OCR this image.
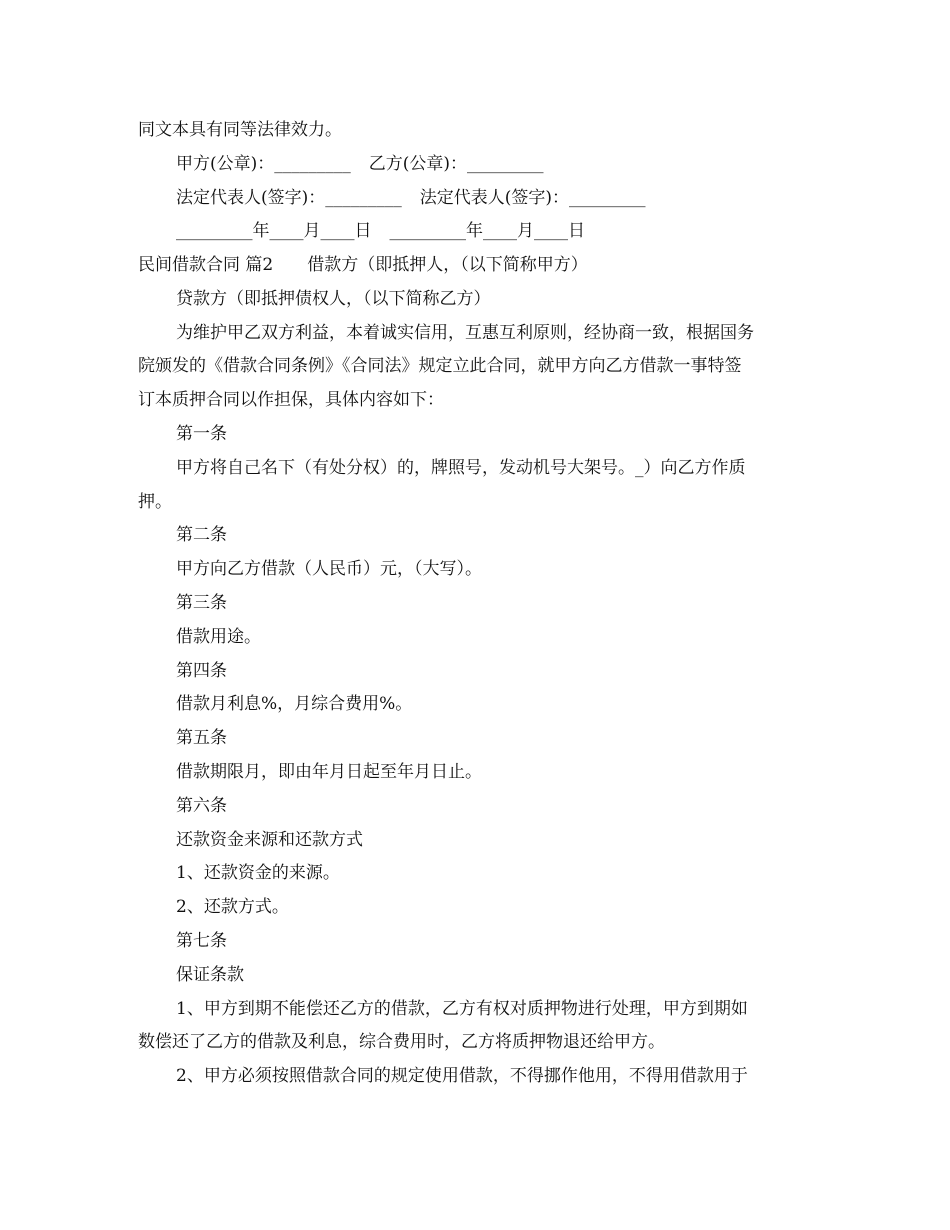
同文本具有同等法律效力。
甲方(公章)：_________ 乙方(公章)：_________
法定代表人(签字)：_________ 法定代表人(签字)：_________
_________年____月____日 _________年____月____日
民间借款合同 篇2 借款方（即抵押人，（以下简称甲方）
贷款方（即抵押债权人，（以下简称乙方）
为维护甲乙双方利益，本着诚实信用，互惠互利原则，经协商一致，根据国务
院颁发的《借款合同条例》《合同法》规定立此合同，就甲方向乙方借款一事特签
订本质押合同以作担保，具体内容如下：
第一条
甲方将自己名下（有处分权）的，牌照号，发动机号大架号。_）向乙方作质
押。
第二条
甲方向乙方借款（人民币）元，（大写）。
第三条
借款用途。
第四条
借款月利息%，月综合费用%。
第五条
借款期限月，即由年月日起至年月日止。
第六条
还款资金来源和还款方式
1、还款资金的来源。
2、还款方式。
第七条
保证条款
1、甲方到期不能偿还乙方的借款，乙方有权对质押物进行处理，甲方到期如
数偿还了乙方的借款及利息，综合费用时，乙方将质押物退还给甲方。
2、甲方必须按照借款合同的规定使用借款，不得挪作他用，不得用借款用于
